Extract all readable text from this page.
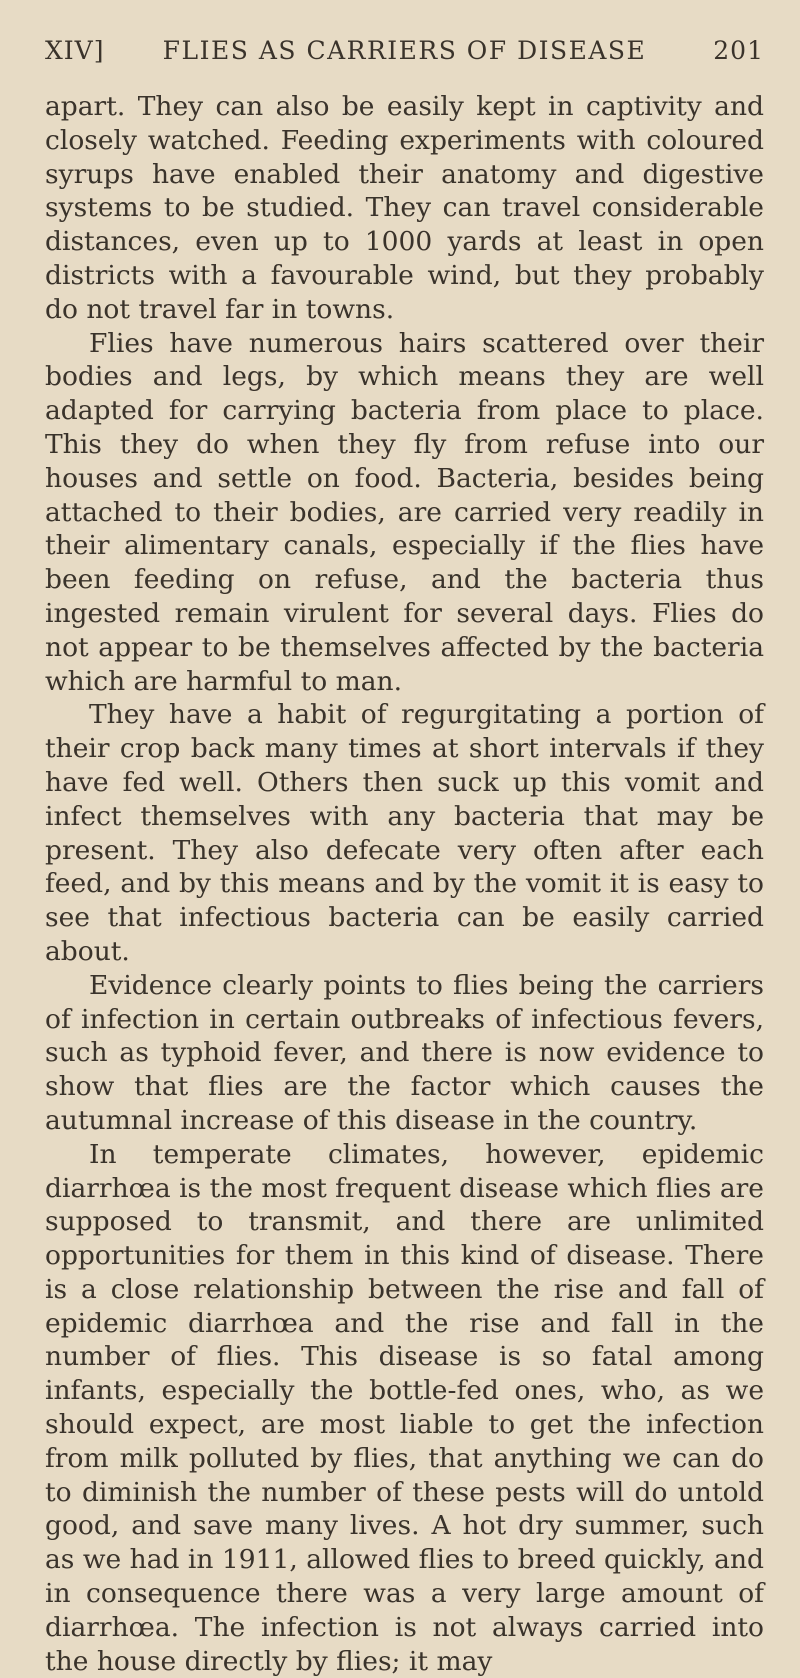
XIV]	FLIES AS CARRIERS OF DISEASE	201

apart. They can also be easily kept in captivity and closely watched. Feeding experiments with coloured syrups have enabled their anatomy and digestive systems to be studied. They can travel considerable distances, even up to 1000 yards at least in open districts with a favourable wind, but they probably do not travel far in towns.

Flies have numerous hairs scattered over their bodies and legs, by which means they are well adapted for carrying bacteria from place to place. This they do when they fly from refuse into our houses and settle on food. Bacteria, besides being attached to their bodies, are carried very readily in their alimentary canals, especially if the flies have been feeding on refuse, and the bacteria thus ingested remain virulent for several days. Flies do not appear to be themselves affected by the bacteria which are harmful to man.

They have a habit of regurgitating a portion of their crop back many times at short intervals if they have fed well. Others then suck up this vomit and infect themselves with any bacteria that may be present. They also defecate very often after each feed, and by this means and by the vomit it is easy to see that infectious bacteria can be easily carried about.

Evidence clearly points to flies being the carriers of infection in certain outbreaks of infectious fevers, such as typhoid fever, and there is now evidence to show that flies are the factor which causes the autumnal increase of this disease in the country.

In temperate climates, however, epidemic diarrhœa is the most frequent disease which flies are supposed to transmit, and there are unlimited opportunities for them in this kind of disease. There is a close relationship between the rise and fall of epidemic diarrhœa and the rise and fall in the number of flies. This disease is so fatal among infants, especially the bottle-fed ones, who, as we should expect, are most liable to get the infection from milk polluted by flies, that anything we can do to diminish the number of these pests will do untold good, and save many lives. A hot dry summer, such as we had in 1911, allowed flies to breed quickly, and in consequence there was a very large amount of diarrhœa. The infection is not always carried into the house directly by flies; it may
